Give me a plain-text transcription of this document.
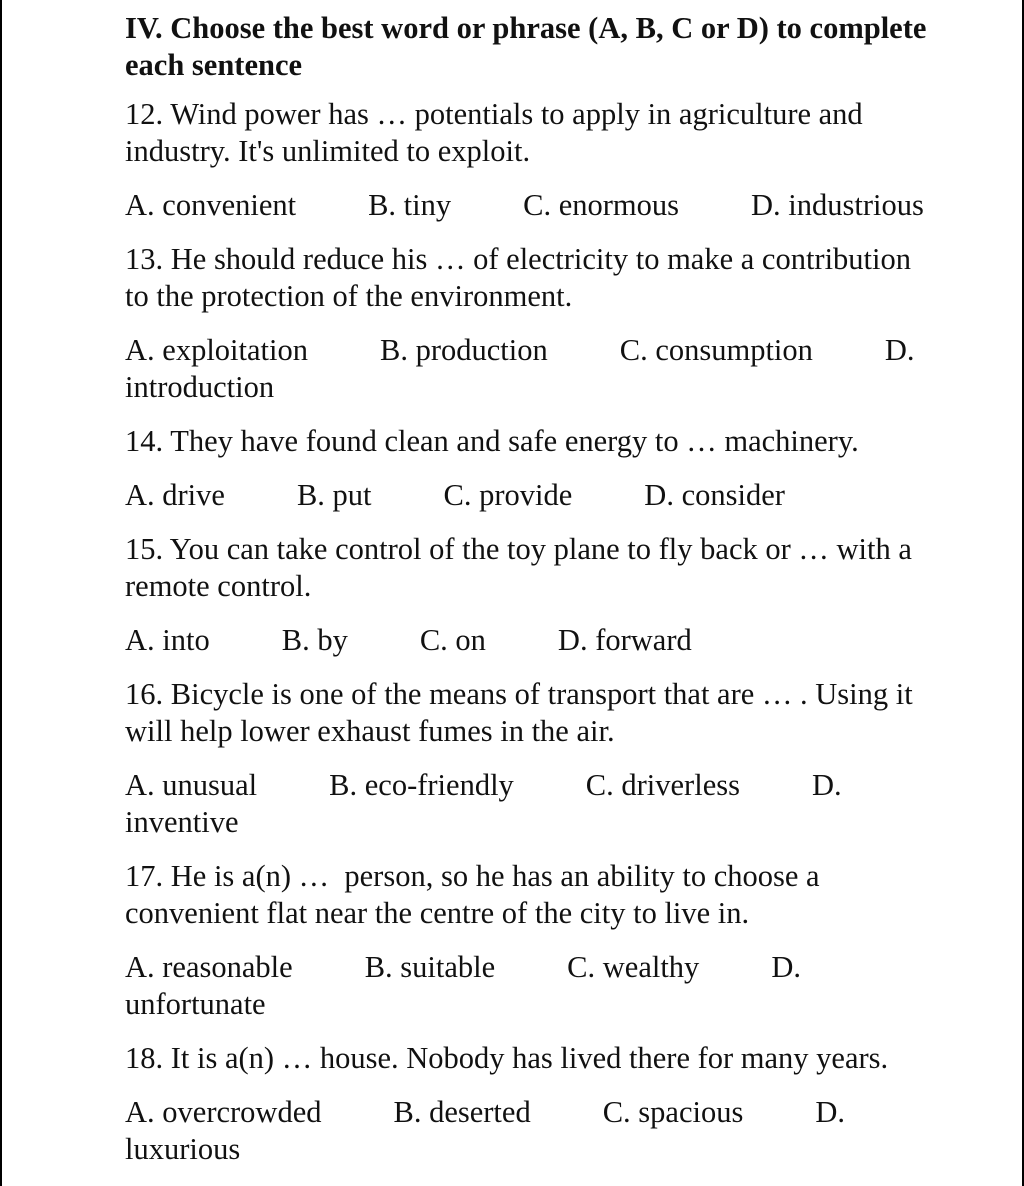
IV. Choose the best word or phrase (A, B, C or D) to complete
each sentence
12. Wind power has … potentials to apply in agriculture and
industry. It's unlimited to exploit.
A. convenient B. tiny C. enormous D. industrious
13. He should reduce his … of electricity to make a contribution
to the protection of the environment.
A. exploitation B. production C. consumption D.
introduction
14. They have found clean and safe energy to … machinery.
A. drive B. put C. provide D. consider
15. You can take control of the toy plane to fly back or … with a
remote control.
A. into B. by C. on D. forward
16. Bicycle is one of the means of transport that are … . Using it
will help lower exhaust fumes in the air.
A. unusual B. eco-friendly C. driverless D.
inventive
17. He is a(n) …  person, so he has an ability to choose a
convenient flat near the centre of the city to live in.
A. reasonable B. suitable C. wealthy D.
unfortunate
18. It is a(n) … house. Nobody has lived there for many years.
A. overcrowded B. deserted C. spacious D.
luxurious
